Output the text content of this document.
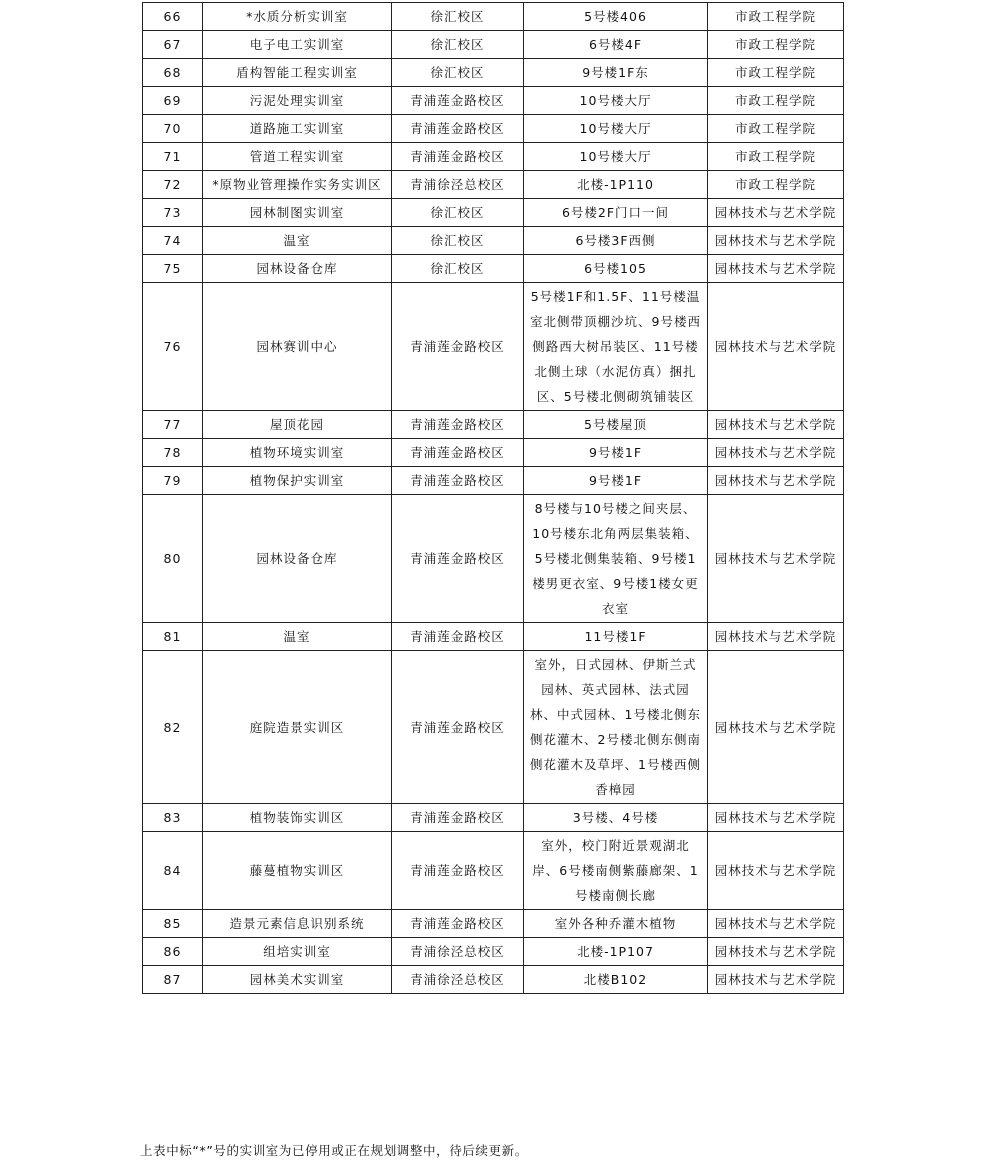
66	*水质分析实训室	徐汇校区	5号楼406	市政工程学院
67	电子电工实训室	徐汇校区	6号楼4F	市政工程学院
68	盾构智能工程实训室	徐汇校区	9号楼1F东	市政工程学院
69	污泥处理实训室	青浦莲金路校区	10号楼大厅	市政工程学院
70	道路施工实训室	青浦莲金路校区	10号楼大厅	市政工程学院
71	管道工程实训室	青浦莲金路校区	10号楼大厅	市政工程学院
72	*原物业管理操作实务实训区	青浦徐泾总校区	北楼-1P110	市政工程学院
73	园林制图实训室	徐汇校区	6号楼2F门口一间	园林技术与艺术学院
74	温室	徐汇校区	6号楼3F西侧	园林技术与艺术学院
75	园林设备仓库	徐汇校区	6号楼105	园林技术与艺术学院
76	园林赛训中心	青浦莲金路校区	5号楼1F和1.5F、11号楼温室北侧带顶棚沙坑、9号楼西侧路西大树吊装区、11号楼北侧土球（水泥仿真）捆扎区、5号楼北侧砌筑铺装区	园林技术与艺术学院
77	屋顶花园	青浦莲金路校区	5号楼屋顶	园林技术与艺术学院
78	植物环境实训室	青浦莲金路校区	9号楼1F	园林技术与艺术学院
79	植物保护实训室	青浦莲金路校区	9号楼1F	园林技术与艺术学院
80	园林设备仓库	青浦莲金路校区	8号楼与10号楼之间夹层、10号楼东北角两层集装箱、5号楼北侧集装箱、9号楼1楼男更衣室、9号楼1楼女更衣室	园林技术与艺术学院
81	温室	青浦莲金路校区	11号楼1F	园林技术与艺术学院
82	庭院造景实训区	青浦莲金路校区	室外，日式园林、伊斯兰式园林、英式园林、法式园林、中式园林、1号楼北侧东侧花灌木、2号楼北侧东侧南侧花灌木及草坪、1号楼西侧香樟园	园林技术与艺术学院
83	植物装饰实训区	青浦莲金路校区	3号楼、4号楼	园林技术与艺术学院
84	藤蔓植物实训区	青浦莲金路校区	室外，校门附近景观湖北岸、6号楼南侧紫藤廊架、1号楼南侧长廊	园林技术与艺术学院
85	造景元素信息识别系统	青浦莲金路校区	室外各种乔灌木植物	园林技术与艺术学院
86	组培实训室	青浦徐泾总校区	北楼-1P107	园林技术与艺术学院
87	园林美术实训室	青浦徐泾总校区	北楼B102	园林技术与艺术学院
上表中标“*”号的实训室为已停用或正在规划调整中，待后续更新。
